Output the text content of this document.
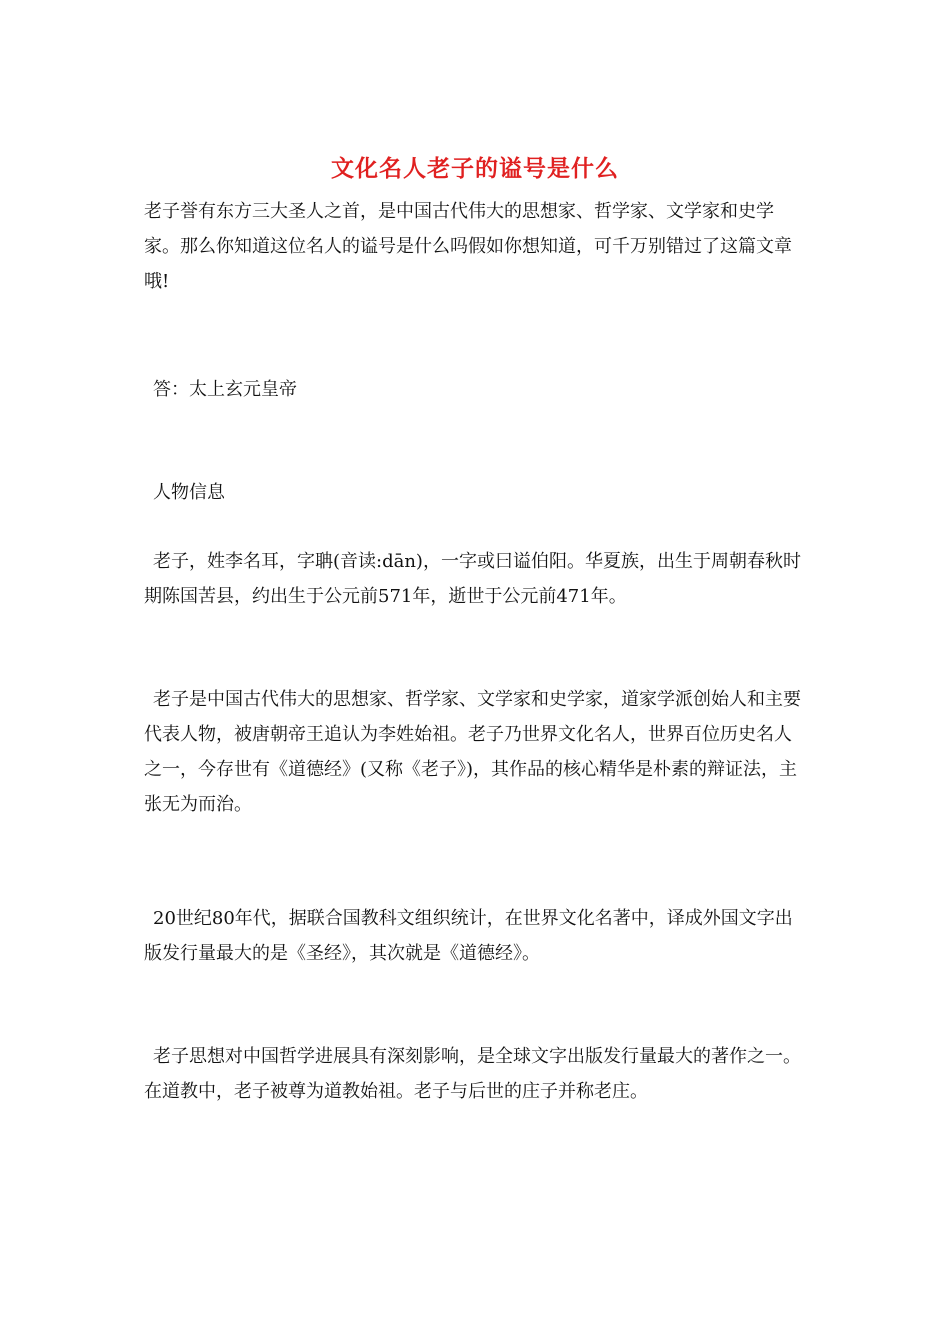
文化名人老子的谥号是什么
老子誉有东方三大圣人之首，是中国古代伟大的思想家、哲学家、文学家和史学家。那么你知道这位名人的谥号是什么吗假如你想知道，可千万别错过了这篇文章哦!
答：太上玄元皇帝
人物信息
老子，姓李名耳，字聃(音读:dān)，一字或曰谥伯阳。华夏族，出生于周朝春秋时期陈国苦县，约出生于公元前571年，逝世于公元前471年。
老子是中国古代伟大的思想家、哲学家、文学家和史学家，道家学派创始人和主要代表人物，被唐朝帝王追认为李姓始祖。老子乃世界文化名人，世界百位历史名人之一，今存世有《道德经》(又称《老子》)，其作品的核心精华是朴素的辩证法，主张无为而治。
20世纪80年代，据联合国教科文组织统计，在世界文化名著中，译成外国文字出版发行量最大的是《圣经》，其次就是《道德经》。
老子思想对中国哲学进展具有深刻影响，是全球文字出版发行量最大的著作之一。在道教中，老子被尊为道教始祖。老子与后世的庄子并称老庄。
